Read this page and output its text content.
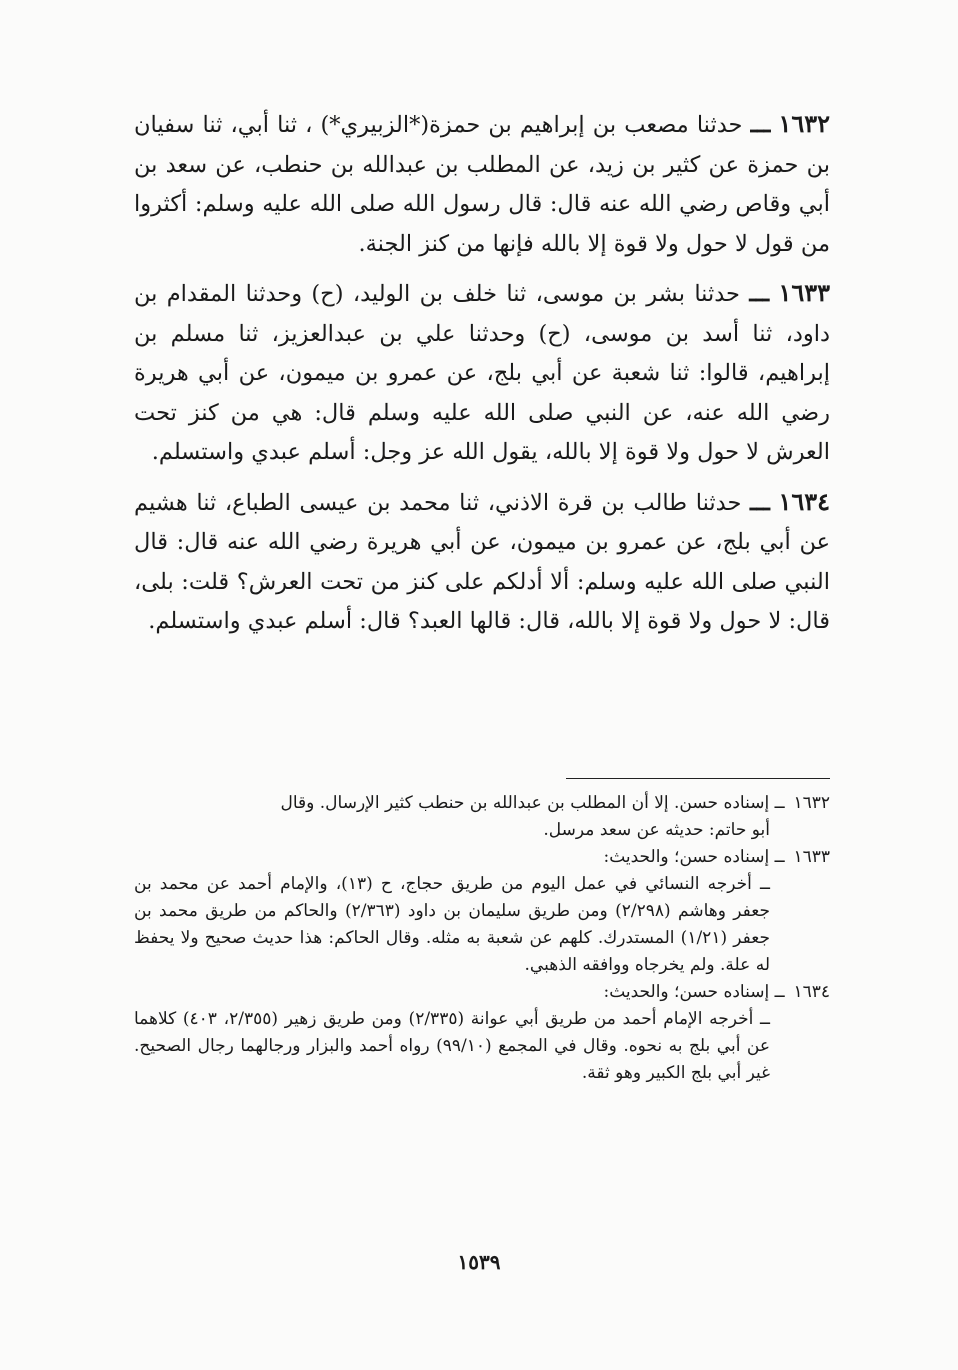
١٦٣٢ ـــ حدثنا مصعب بن إبراهيم بن حمزة(*الزبيري*) ، ثنا أبي، ثنا سفيان بن حمزة عن كثير بن زيد، عن المطلب بن عبدالله بن حنطب، عن سعد بن أبي وقاص رضي الله عنه قال: قال رسول الله صلى الله عليه وسلم: أكثروا من قول لا حول ولا قوة إلا بالله فإنها من كنز الجنة.

١٦٣٣ ـــ حدثنا بشر بن موسى، ثنا خلف بن الوليد، (ح) وحدثنا المقدام بن داود، ثنا أسد بن موسى، (ح) وحدثنا علي بن عبدالعزيز، ثنا مسلم بن إبراهيم، قالوا: ثنا شعبة عن أبي بلج، عن عمرو بن ميمون، عن أبي هريرة رضي الله عنه، عن النبي صلى الله عليه وسلم قال: هي من كنز تحت العرش لا حول ولا قوة إلا بالله، يقول الله عز وجل: أسلم عبدي واستسلم.

١٦٣٤ ـــ حدثنا طالب بن قرة الاذني، ثنا محمد بن عيسى الطباع، ثنا هشيم عن أبي بلج، عن عمرو بن ميمون، عن أبي هريرة رضي الله عنه قال: قال النبي صلى الله عليه وسلم: ألا أدلكم على كنز من تحت العرش؟ قلت: بلى، قال: لا حول ولا قوة إلا بالله، قال: قالها العبد؟ قال: أسلم عبدي واستسلم.

١٦٣٢ ــ إسناده حسن. إلا أن المطلب بن عبدالله بن حنطب كثير الإرسال. وقال

أبو حاتم: حديثه عن سعد مرسل.

١٦٣٣ ــ إسناده حسن؛ والحديث:

ــ أخرجه النسائي في عمل اليوم من طريق حجاج، ح (١٣)، والإمام أحمد عن محمد بن جعفر وهاشم (٢/٢٩٨) ومن طريق سليمان بن داود (٢/٣٦٣) والحاكم من طريق محمد بن جعفر (١/٢١) المستدرك. كلهم عن شعبة به مثله. وقال الحاكم: هذا حديث صحيح ولا يحفظ له علة. ولم يخرجاه ووافقه الذهبي.

١٦٣٤ ــ إسناده حسن؛ والحديث:

ــ أخرجه الإمام أحمد من طريق أبي عوانة (٢/٣٣٥) ومن طريق زهير (٢/٣٥٥، ٤٠٣) كلاهما عن أبي بلج به نحوه. وقال في المجمع (٩٩/١٠) رواه أحمد والبزار ورجالهما رجال الصحيح. غير أبي بلج الكبير وهو ثقة.

١٥٣٩
